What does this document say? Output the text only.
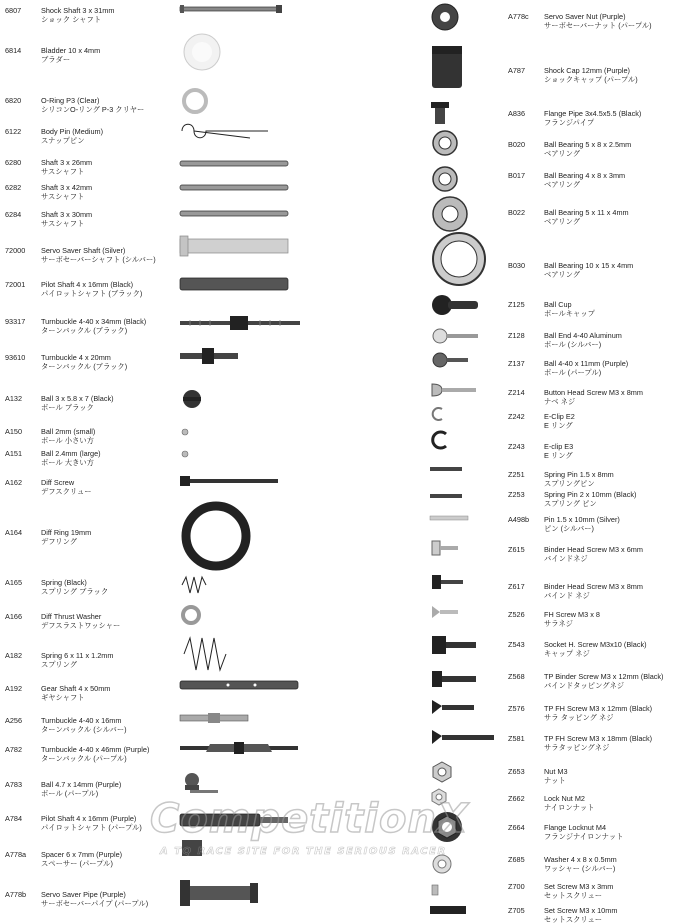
6807	Shock Shaft 3 x 31mm
ショック シャフト
6814	Bladder 10 x 4mm
ブラダー
6820	O-Ring P3 (Clear)
シリコンO-リング P-3 クリヤー
6122	Body Pin (Medium)
スナップピン
6280	Shaft 3 x 26mm
サスシャフト
6282	Shaft 3 x 42mm
サスシャフト
6284	Shaft 3 x 30mm
サスシャフト
72000 Servo Saver Shaft (Silver)
サーボセーバーシャフト (シルバー)
72001 Pilot Shaft 4 x 16mm (Black)
パイロットシャフト (ブラック)
93317 Turnbuckle 4-40 x 34mm (Black)
ターンバックル (ブラック)
93610 Turnbuckle 4 x 20mm
ターンバックル (ブラック)
A132	Ball 3 x 5.8 x 7 (Black)
ボール ブラック
A150	Ball 2mm (small)
ボール 小さい方
A151	Ball 2.4mm (large)
ボール 大きい方
A162	Diff Screw
デフスクリュー
A164	Diff Ring 19mm
デフリング
A165	Spring (Black)
スプリング ブラック
A166	Diff Thrust Washer
デフスラストワッシャー
A182	Spring 6 x 11 x 1.2mm
スプリング
A192	Gear Shaft 4 x 50mm
ギヤシャフト
A256	Turnbuckle 4-40 x 16mm
ターンバックル (シルバー)
A782	Turnbuckle 4-40 x 46mm (Purple)
ターンバックル (パープル)
A783	Ball 4.7 x 14mm (Purple)
ボール (パープル)
A784	Pilot Shaft 4 x 16mm (Purple)
パイロットシャフト (パープル)
A778a Spacer 6 x 7mm (Purple)
スペーサー (パープル)
A778b Servo Saver Pipe (Purple)
サーボセーバーパイプ (パープル)
A778c Servo Saver Nut (Purple)
サーボセーバーナット (パープル)
A787	Shock Cap 12mm (Purple)
ショックキャップ (パープル)
A836	Flange Pipe 3x4.5x5.5 (Black)
フランジパイプ
B020	Ball Bearing 5 x 8 x 2.5mm
ベアリング
B017	Ball Bearing 4 x 8 x 3mm
ベアリング
B022	Ball Bearing 5 x 11 x 4mm
ベアリング
B030	Ball Bearing 10 x 15 x 4mm
ベアリング
Z125	Ball Cup
ボールキャップ
Z128	Ball End 4-40 Aluminum
ボール (シルバー)
Z137	Ball 4-40 x 11mm (Purple)
ボール (パープル)
Z214	Button Head Screw M3 x 8mm
ナベ ネジ
Z242	E-Clip E2
E リング
Z243	E-clip E3
E リング
Z251	Spring Pin 1.5 x 8mm
スプリングピン
Z253	Spring Pin 2 x 10mm (Black)
スプリング ピン
A498b Pin 1.5 x 10mm (Silver)
ピン (シルバー)
Z615	Binder Head Screw M3 x 6mm
バインドネジ
Z617	Binder Head Screw M3 x 8mm
バインド ネジ
Z526	FH Screw M3 x 8
サラネジ
Z543	Socket H. Screw M3x10 (Black)
キャップ ネジ
Z568	TP Binder Screw M3 x 12mm (Black)
バインドタッピングネジ
Z576	TP FH Screw M3 x 12mm (Black)
サラ タッピング ネジ
Z581	TP FH Screw M3 x 18mm (Black)
サラタッピングネジ
Z653	Nut M3
ナット
Z662	Lock Nut M2
ナイロンナット
Z664	Flange Locknut M4
フランジナイロンナット
Z685	Washer 4 x 8 x 0.5mm
ワッシャー (シルバー)
Z700	Set Screw M3 x 3mm
セットスクリュー
Z705	Set Screw M3 x 10mm
セットスクリュー
CompetitionX
A TQ RACE SITE FOR THE SERIOUS RACER
